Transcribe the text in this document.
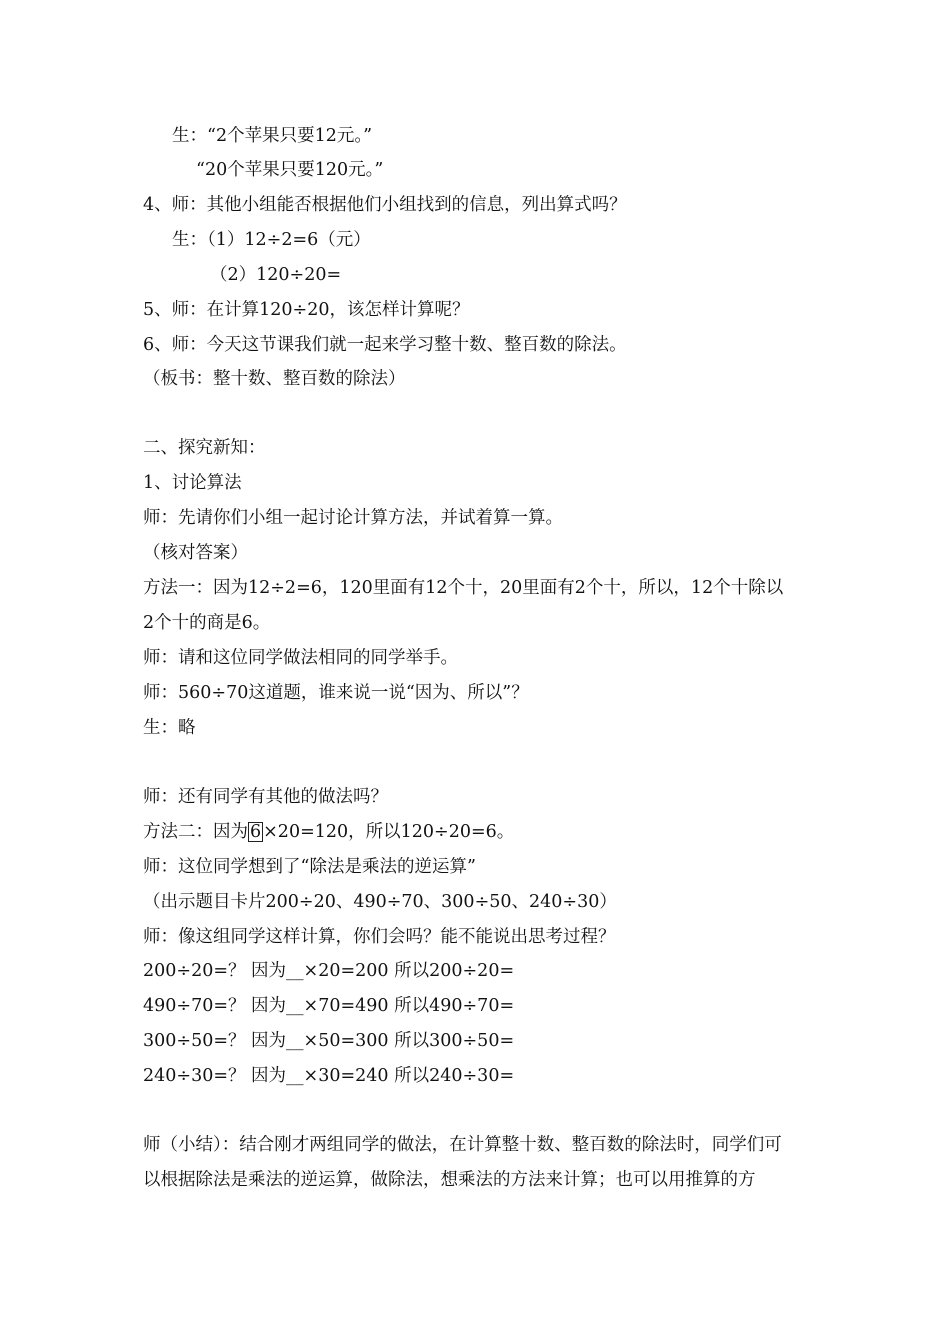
生：“2个苹果只要12元。”
“20个苹果只要120元。”
4、师：其他小组能否根据他们小组找到的信息，列出算式吗？
生：（1）12÷2=6（元）
（2）120÷20=
5、师：在计算120÷20，该怎样计算呢？
6、师：今天这节课我们就一起来学习整十数、整百数的除法。
（板书：整十数、整百数的除法）
二、探究新知：
1、讨论算法
师：先请你们小组一起讨论计算方法，并试着算一算。
（核对答案）
方法一：因为12÷2=6，120里面有12个十，20里面有2个十，所以，12个十除以
2个十的商是6。
师：请和这位同学做法相同的同学举手。
师：560÷70这道题，谁来说一说“因为、所以”？
生：略
师：还有同学有其他的做法吗？
方法二：因为 6 ×20=120，所以120÷20=6。
师：这位同学想到了“除法是乘法的逆运算”
（出示题目卡片200÷20、490÷70、300÷50、240÷30）
师：像这组同学这样计算，你们会吗？能不能说出思考过程？
200÷20=？ 因为__×20=200 所以200÷20=
490÷70=？ 因为__×70=490 所以490÷70=
300÷50=？ 因为__×50=300 所以300÷50=
240÷30=？ 因为__×30=240 所以240÷30=
师（小结）：结合刚才两组同学的做法，在计算整十数、整百数的除法时，同学们可
以根据除法是乘法的逆运算，做除法，想乘法的方法来计算；也可以用推算的方
